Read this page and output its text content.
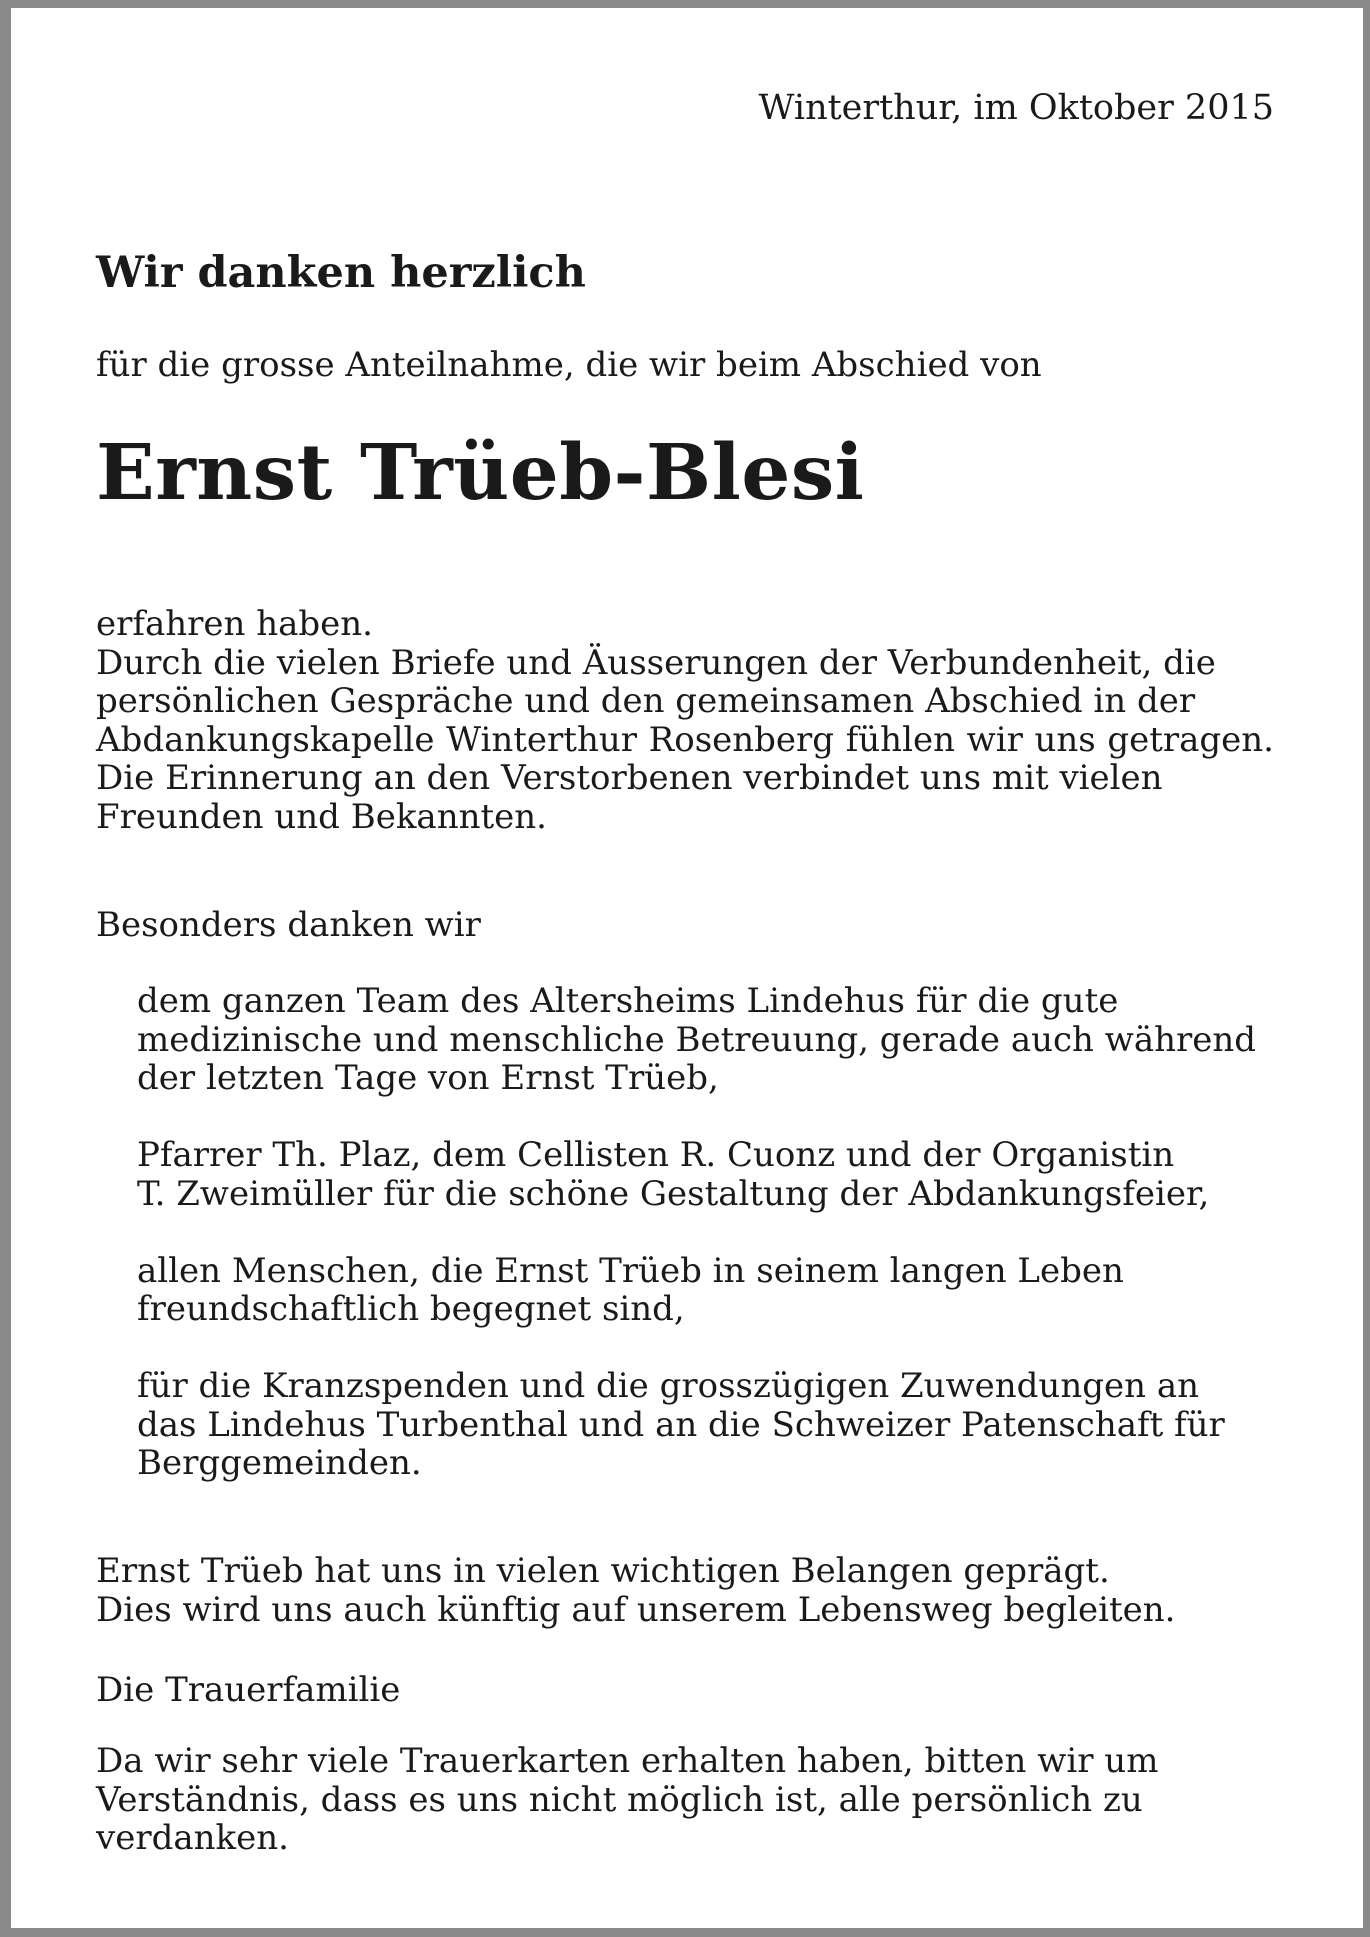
Winterthur, im Oktober 2015
Wir danken herzlich
für die grosse Anteilnahme, die wir beim Abschied von
Ernst Trüeb-Blesi
erfahren haben.
Durch die vielen Briefe und Äusserungen der Verbundenheit, die
persönlichen Gespräche und den gemeinsamen Abschied in der
Abdankungskapelle Winterthur Rosenberg fühlen wir uns getragen.
Die Erinnerung an den Verstorbenen verbindet uns mit vielen
Freunden und Bekannten.
Besonders danken wir
dem ganzen Team des Altersheims Lindehus für die gute
medizinische und menschliche Betreuung, gerade auch während
der letzten Tage von Ernst Trüeb,
Pfarrer Th. Plaz, dem Cellisten R. Cuonz und der Organistin
T. Zweimüller für die schöne Gestaltung der Abdankungsfeier,
allen Menschen, die Ernst Trüeb in seinem langen Leben
freundschaftlich begegnet sind,
für die Kranzspenden und die grosszügigen Zuwendungen an
das Lindehus Turbenthal und an die Schweizer Patenschaft für
Berggemeinden.
Ernst Trüeb hat uns in vielen wichtigen Belangen geprägt.
Dies wird uns auch künftig auf unserem Lebensweg begleiten.
Die Trauerfamilie
Da wir sehr viele Trauerkarten erhalten haben, bitten wir um
Verständnis, dass es uns nicht möglich ist, alle persönlich zu
verdanken.
